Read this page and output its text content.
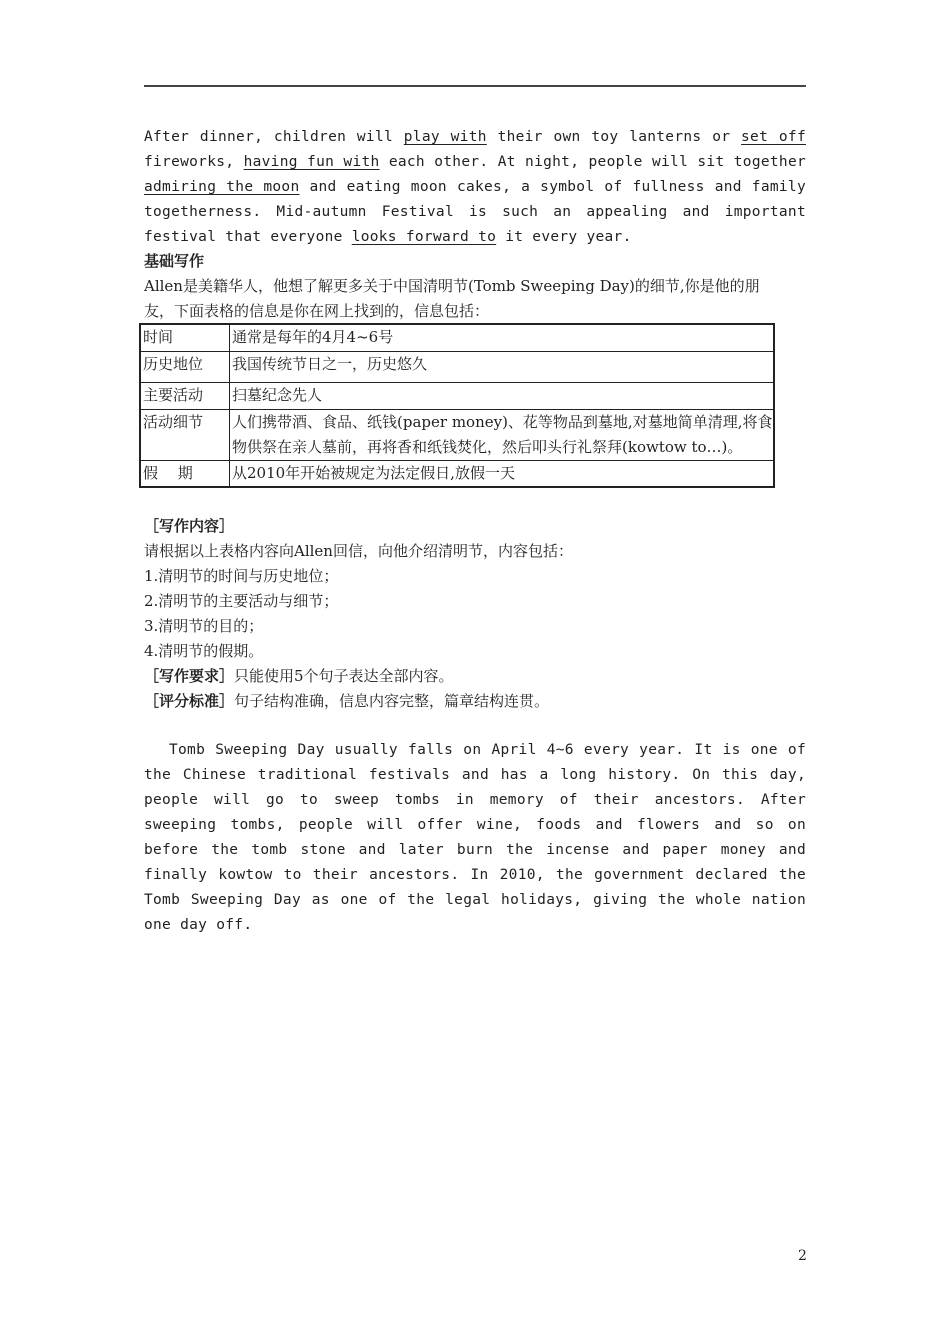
After dinner, children will play with their own toy lanterns or set off fireworks, having fun with each other. At night, people will sit together admiring the moon and eating moon cakes, a symbol of fullness and family togetherness. Mid-autumn Festival is such an appealing and important festival that everyone looks forward to it every year.
基础写作
Allen是美籍华人，他想了解更多关于中国清明节(Tomb Sweeping Day)的细节,你是他的朋
友，下面表格的信息是你在网上找到的，信息包括：
时间	通常是每年的4月4~6号
历史地位	我国传统节日之一，历史悠久
主要活动	扫墓纪念先人
活动细节	人们携带酒、食品、纸钱(paper money)、花等物品到墓地,对墓地简单清理,将食物供祭在亲人墓前，再将香和纸钱焚化，然后叩头行礼祭拜(kowtow to…)。
假　 期	从2010年开始被规定为法定假日,放假一天
［写作内容］
请根据以上表格内容向Allen回信，向他介绍清明节，内容包括：
1.清明节的时间与历史地位；
2.清明节的主要活动与细节；
3.清明节的目的；
4.清明节的假期。
［写作要求］只能使用5个句子表达全部内容。
［评分标准］句子结构准确，信息内容完整，篇章结构连贯。
Tomb Sweeping Day usually falls on April 4~6 every year. It is one of the Chinese traditional festivals and has a long history. On this day, people will go to sweep tombs in memory of their ancestors. After sweeping tombs, people will offer wine, foods and flowers and so on before the tomb stone and later burn the incense and paper money and finally kowtow to their ancestors. In 2010, the government declared the Tomb Sweeping Day as one of the legal holidays, giving the whole nation one day off.
2
